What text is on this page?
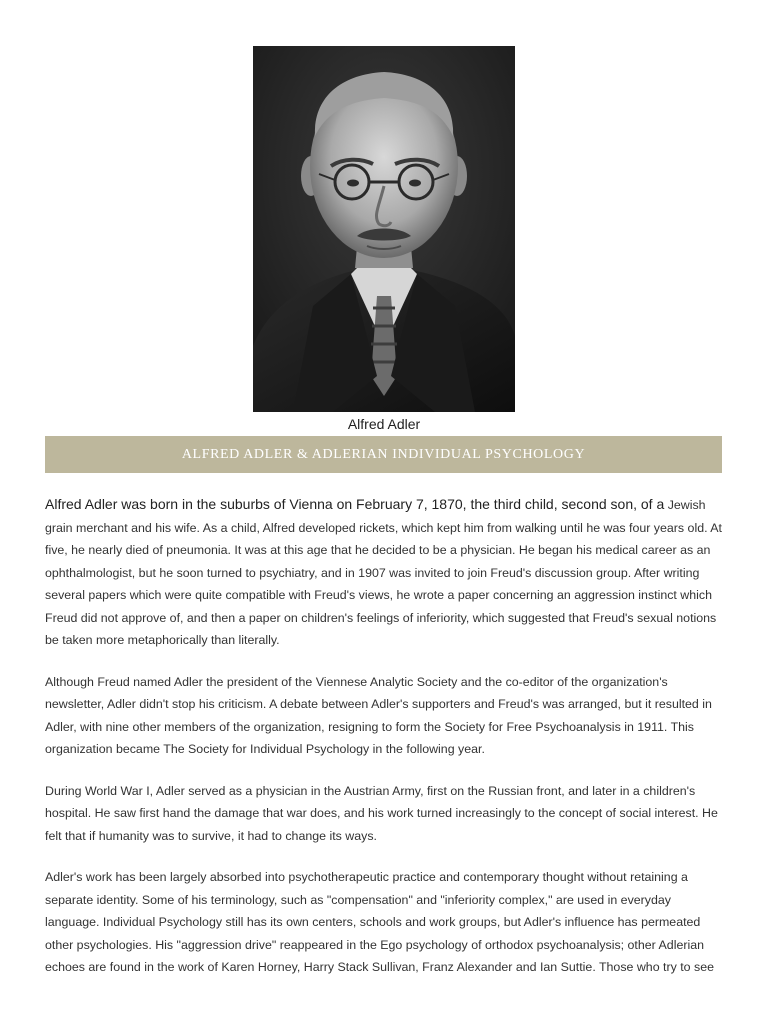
Alfred Adler
ALFRED ADLER & ADLERIAN INDIVIDUAL PSYCHOLOGY

Alfred Adler was born in the suburbs of Vienna on February 7, 1870, the third child, second son, of a Jewish grain merchant and his wife. As a child, Alfred developed rickets, which kept him from walking until he was four years old. At five, he nearly died of pneumonia. It was at this age that he decided to be a physician. He began his medical career as an ophthalmologist, but he soon turned to psychiatry, and in 1907 was invited to join Freud's discussion group. After writing several papers which were quite compatible with Freud's views, he wrote a paper concerning an aggression instinct which Freud did not approve of, and then a paper on children's feelings of inferiority, which suggested that Freud's sexual notions be taken more metaphorically than literally.

Although Freud named Adler the president of the Viennese Analytic Society and the co-editor of the organization's newsletter, Adler didn't stop his criticism. A debate between Adler's supporters and Freud's was arranged, but it resulted in Adler, with nine other members of the organization, resigning to form the Society for Free Psychoanalysis in 1911. This organization became The Society for Individual Psychology in the following year.

During World War I, Adler served as a physician in the Austrian Army, first on the Russian front, and later in a children's hospital. He saw first hand the damage that war does, and his work turned increasingly to the concept of social interest. He felt that if humanity was to survive, it had to change its ways.

Adler's work has been largely absorbed into psychotherapeutic practice and contemporary thought without retaining a separate identity. Some of his terminology, such as "compensation" and "inferiority complex," are used in everyday language. Individual Psychology still has its own centers, schools and work groups, but Adler's influence has permeated other psychologies. His "aggression drive" reappeared in the Ego psychology of orthodox psychoanalysis; other Adlerian echoes are found in the work of Karen Horney, Harry Stack Sullivan, Franz Alexander and Ian Suttie. Those who try to see
